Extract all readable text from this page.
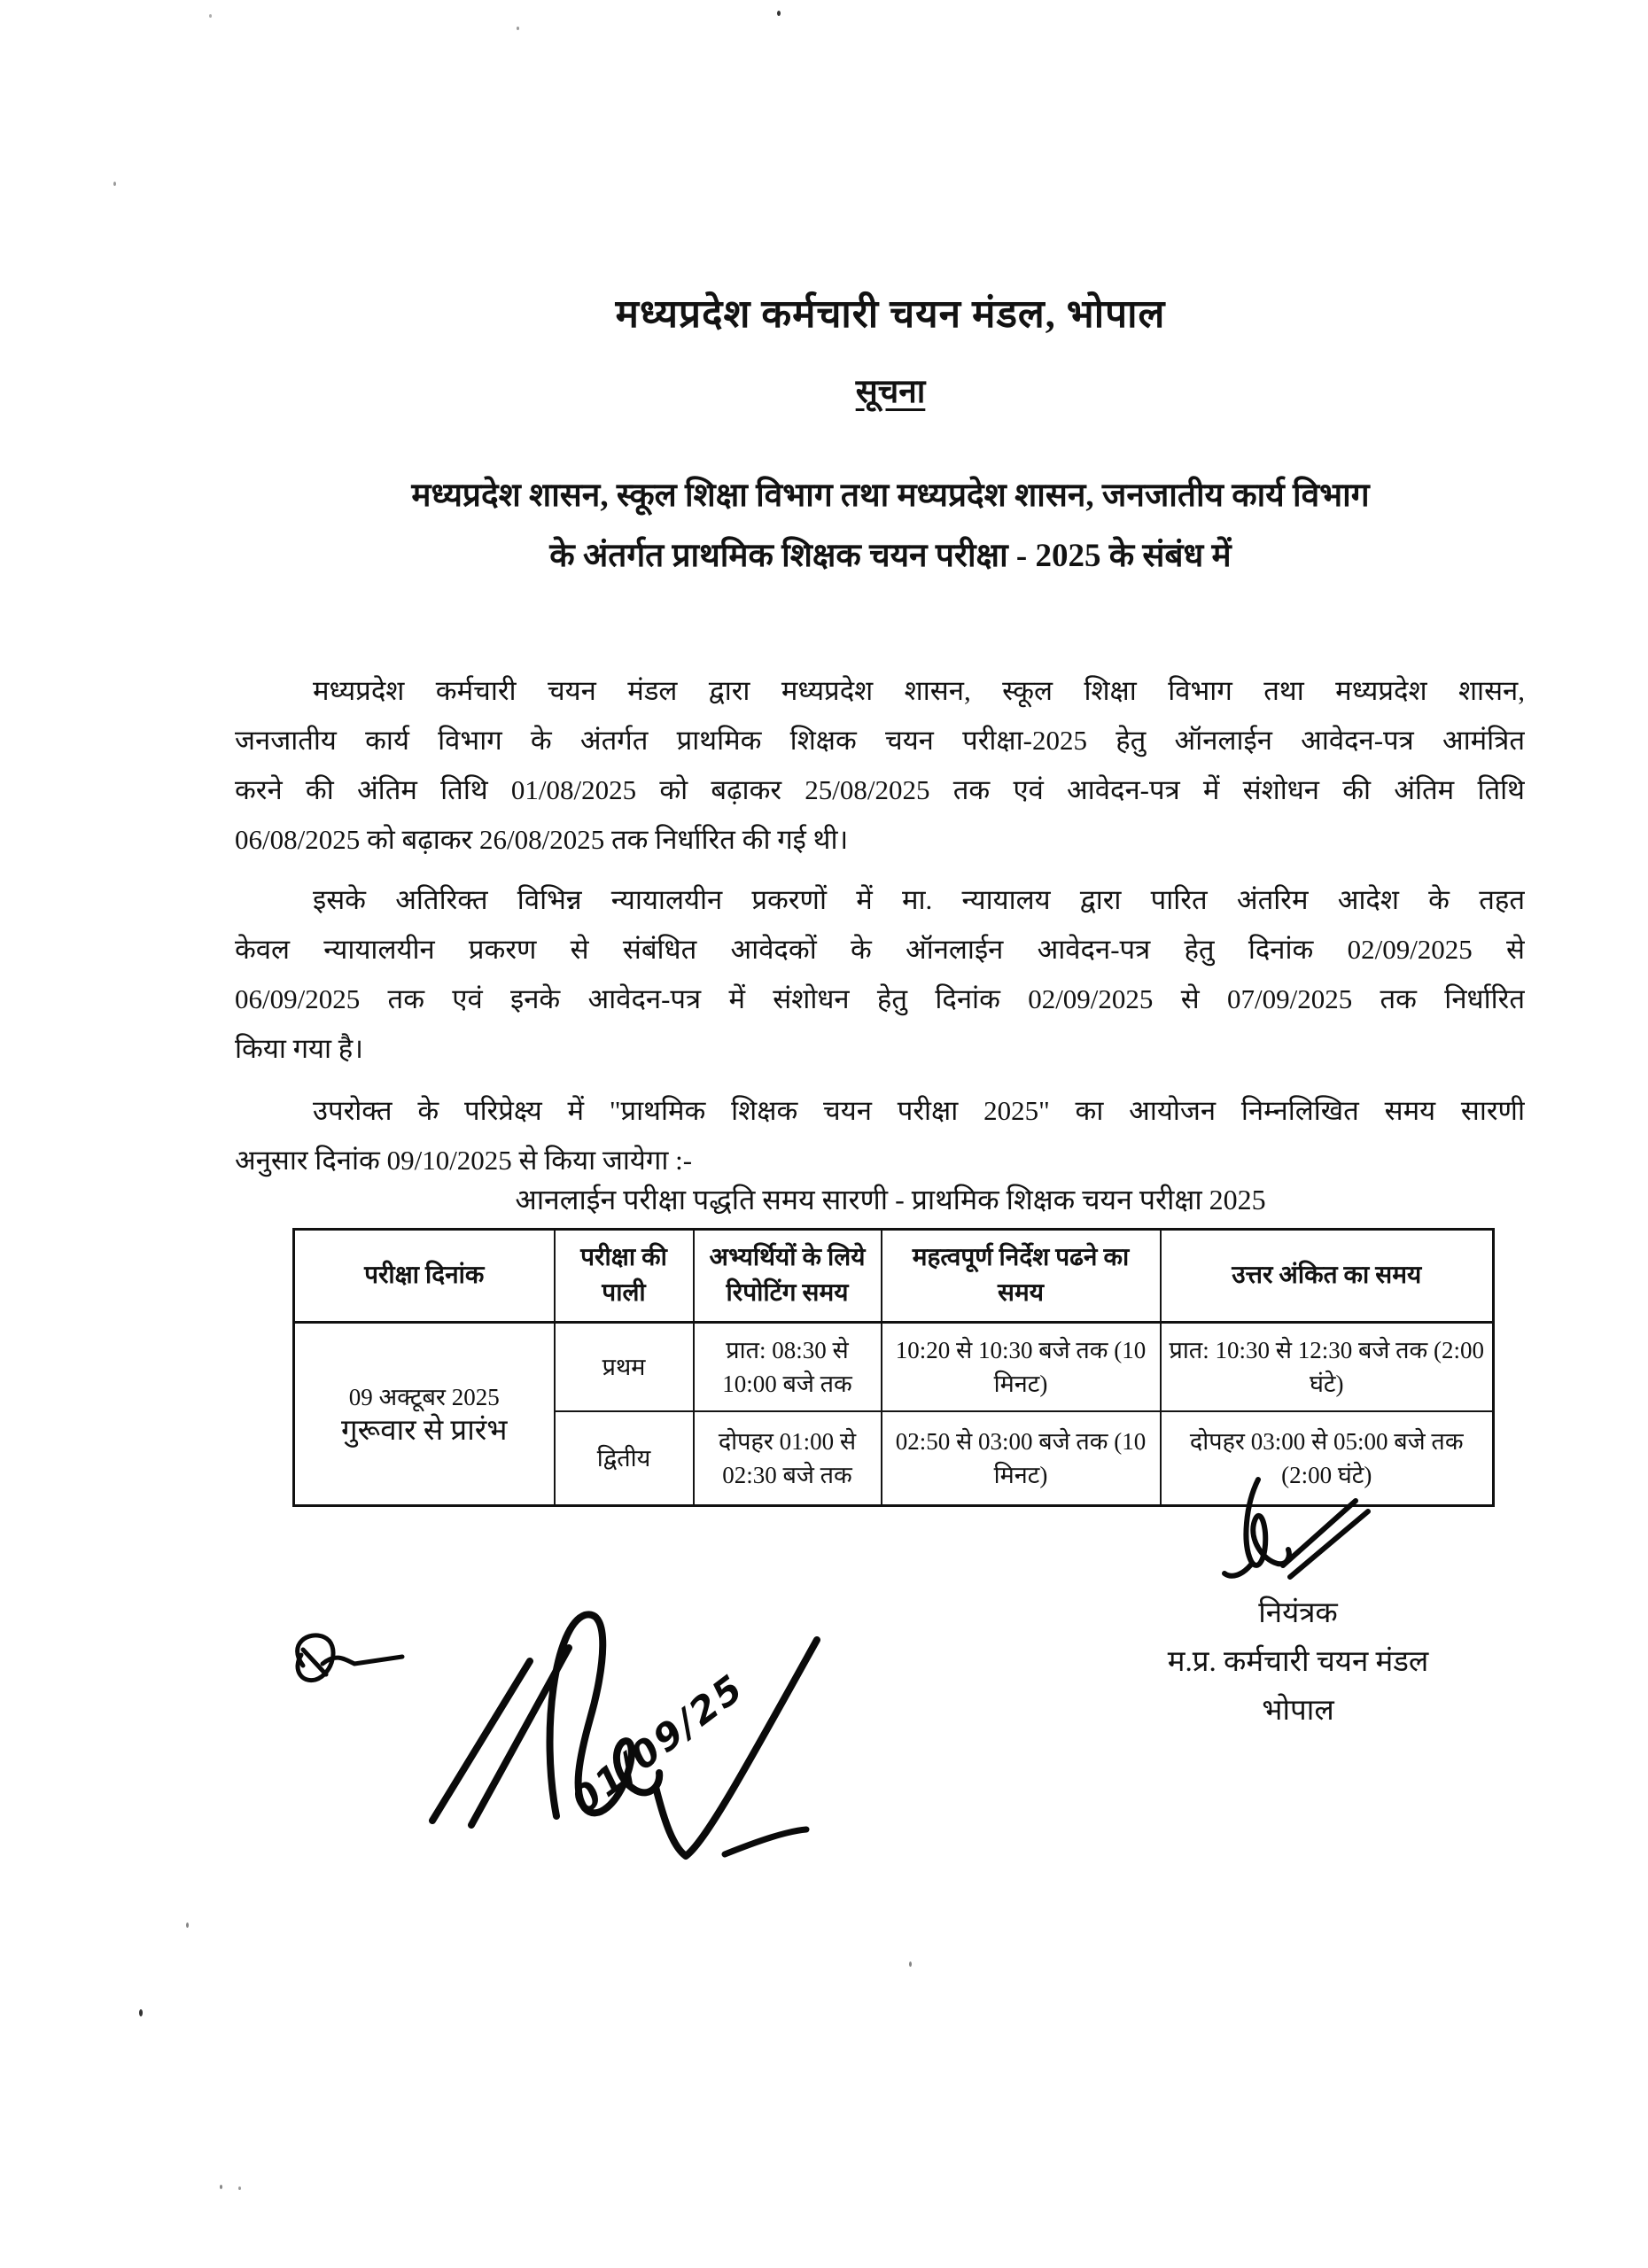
मध्यप्रदेश कर्मचारी चयन मंडल, भोपाल
सूचना
मध्यप्रदेश शासन, स्कूल शिक्षा विभाग तथा मध्यप्रदेश शासन, जनजातीय कार्य विभाग
के अंतर्गत प्राथमिक शिक्षक चयन परीक्षा - 2025 के संबंध में
मध्यप्रदेश कर्मचारी चयन मंडल द्वारा मध्यप्रदेश शासन, स्कूल शिक्षा विभाग तथा मध्यप्रदेश शासन,
जनजातीय कार्य विभाग के अंतर्गत प्राथमिक शिक्षक चयन परीक्षा-2025 हेतु ऑनलाईन आवेदन-पत्र आमंत्रित
करने की अंतिम तिथि 01/08/2025 को बढ़ाकर 25/08/2025 तक एवं आवेदन-पत्र में संशोधन की अंतिम तिथि
06/08/2025 को बढ़ाकर 26/08/2025 तक निर्धारित की गई थी।
इसके अतिरिक्त विभिन्न न्यायालयीन प्रकरणों में मा. न्यायालय द्वारा पारित अंतरिम आदेश के तहत
केवल न्यायालयीन प्रकरण से संबंधित आवेदकों के ऑनलाईन आवेदन-पत्र हेतु दिनांक 02/09/2025 से
06/09/2025 तक एवं इनके आवेदन-पत्र में संशोधन हेतु दिनांक 02/09/2025 से 07/09/2025 तक निर्धारित
किया गया है।
उपरोक्त के परिप्रेक्ष्य में "प्राथमिक शिक्षक चयन परीक्षा 2025" का आयोजन निम्नलिखित समय सारणी
अनुसार दिनांक 09/10/2025 से किया जायेगा :-
आनलाईन परीक्षा पद्धति समय सारणी - प्राथमिक शिक्षक चयन परीक्षा 2025
परीक्षा दिनांक	परीक्षा की पाली	अभ्यर्थियों के लिये रिपोटिंग समय	महत्वपूर्ण निर्देश पढने का समय	उत्तर अंकित का समय

09 अक्टूबर 2025
गुरूवार से प्रारंभ	प्रथम	प्रात: 08:30 से 10:00 बजे तक	10:20 से 10:30 बजे तक (10 मिनट)	प्रात: 10:30 से 12:30 बजे तक (2:00 घंटे)
	द्वितीय	दोपहर 01:00 से 02:30 बजे तक	02:50 से 03:00 बजे तक (10 मिनट)	दोपहर 03:00 से 05:00 बजे तक (2:00 घंटे)
नियंत्रक
म.प्र. कर्मचारी चयन मंडल
भोपाल
01/09/25
